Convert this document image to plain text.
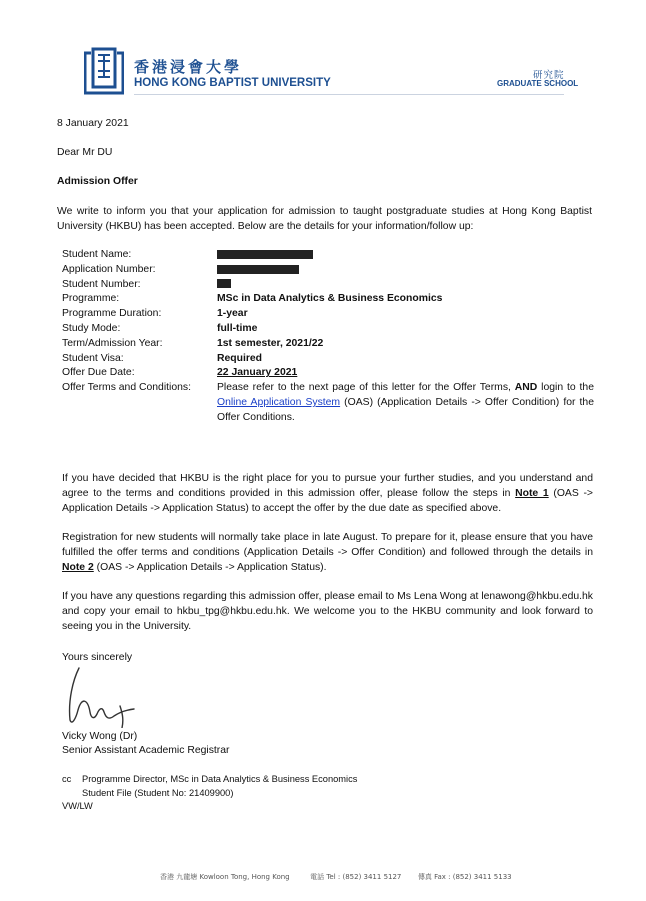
香港浸會大學
HONG KONG BAPTIST UNIVERSITY
研究院
GRADUATE SCHOOL
8 January 2021
Dear Mr DU
Admission Offer
We write to inform you that your application for admission to taught postgraduate studies at Hong Kong Baptist University (HKBU) has been accepted. Below are the details for your information/follow up:
Student Name:
Application Number:
Student Number:
Programme:	MSc in Data Analytics & Business Economics
Programme Duration:	1-year
Study Mode:	full-time
Term/Admission Year:	1st semester, 2021/22
Student Visa:	Required
Offer Due Date:	22 January 2021
Offer Terms and Conditions:	Please refer to the next page of this letter for the Offer Terms, AND login to the Online Application System (OAS) (Application Details -> Offer Condition) for the Offer Conditions.
If you have decided that HKBU is the right place for you to pursue your further studies, and you understand and agree to the terms and conditions provided in this admission offer, please follow the steps in Note 1 (OAS -> Application Details -> Application Status) to accept the offer by the due date as specified above.
Registration for new students will normally take place in late August. To prepare for it, please ensure that you have fulfilled the offer terms and conditions (Application Details -> Offer Condition) and followed through the details in Note 2 (OAS -> Application Details -> Application Status).
If you have any questions regarding this admission offer, please email to Ms Lena Wong at lenawong@hkbu.edu.hk and copy your email to hkbu_tpg@hkbu.edu.hk. We welcome you to the HKBU community and look forward to seeing you in the University.
Yours sincerely
Vicky Wong (Dr)
Senior Assistant Academic Registrar
cc	Programme Director, MSc in Data Analytics & Business Economics
Student File (Student No: 21409900)
VW/LW
香港 九龍塘 Kowloon Tong, Hong Kong	電話 Tel : (852) 3411 5127 傳真 Fax : (852) 3411 5133
